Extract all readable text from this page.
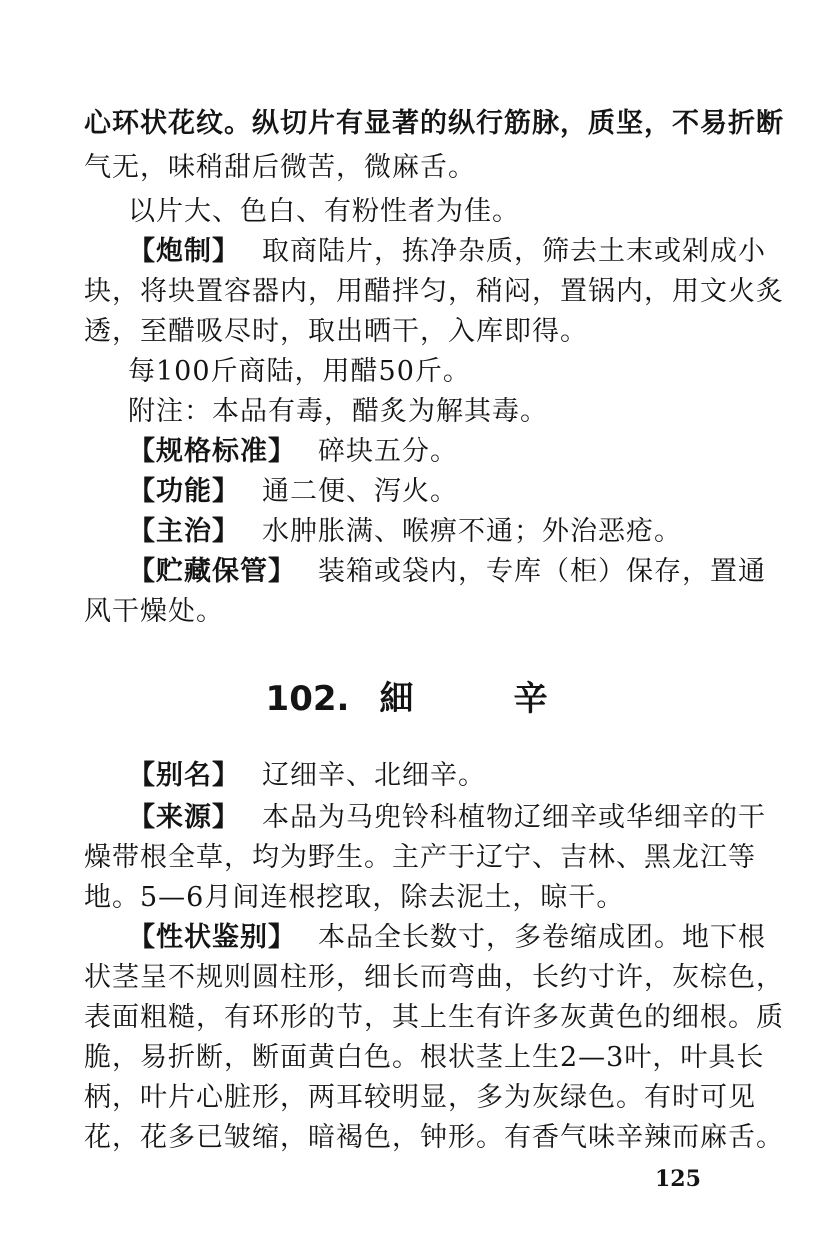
心环状花纹。纵切片有显著的纵行筋脉，质坚，不易折断
气无，味稍甜后微苦，微麻舌。
以片大、色白、有粉性者为佳。
【炮制】 取商陆片，拣净杂质，筛去土末或剁成小
块，将块置容器内，用醋拌匀，稍闷，置锅内，用文火炙
透，至醋吸尽时，取出晒干，入库即得。
每100斤商陆，用醋50斤。
附注：本品有毒，醋炙为解其毒。
【规格标准】 碎块五分。
【功能】 通二便、泻火。
【主治】 水肿胀满、喉痹不通；外治恶疮。
【贮藏保管】 装箱或袋内，专库（柜）保存，置通
风干燥处。
102. 細	辛
【别名】 辽细辛、北细辛。
【来源】 本品为马兜铃科植物辽细辛或华细辛的干
燥带根全草，均为野生。主产于辽宁、吉林、黑龙江等
地。5—6月间连根挖取，除去泥土，晾干。
【性状鉴别】 本品全长数寸，多卷缩成团。地下根
状茎呈不规则圆柱形，细长而弯曲，长约寸许，灰棕色，
表面粗糙，有环形的节，其上生有许多灰黄色的细根。质
脆，易折断，断面黄白色。根状茎上生2—3叶，叶具长
柄，叶片心脏形，两耳较明显，多为灰绿色。有时可见
花，花多已皱缩，暗褐色，钟形。有香气味辛辣而麻舌。
125
